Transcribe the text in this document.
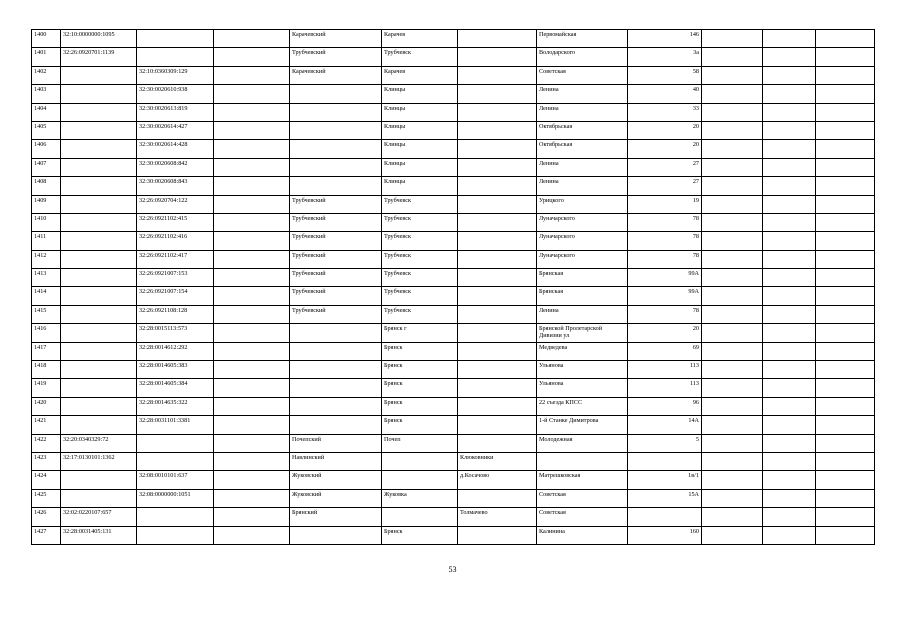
1400	32:10:0000000:1095			Карачевский	Карачев		Первомайская	146			
1401	32:26:0920701:1139			Трубчевский	Трубчевск		Володарского	3а			
1402		32:10:0360309:129		Карачевский	Карачев		Советская	58			
1403		32:30:0020610:938			Клинцы		Ленина	40			
1404		32:30:0020613:819			Клинцы		Ленина	33			
1405		32:30:0020614:427			Клинцы		Октябрьская	20			
1406		32:30:0020614:428			Клинцы		Октябрьская	20			
1407		32:30:0020608:842			Клинцы		Ленина	27			
1408		32:30:0020608:843			Клинцы		Ленина	27			
1409		32:26:0920704:122		Трубчевский	Трубчевск		Урицкого	19			
1410		32:26:0921102:415		Трубчевский	Трубчевск		Луначарского	78			
1411		32:26:0921102:416		Трубчевский	Трубчевск		Луначарского	78			
1412		32:26:0921102:417		Трубчевский	Трубчевск		Луначарского	78			
1413		32:26:0921007:153		Трубчевский	Трубчевск		Брянская	99А			
1414		32:26:0921007:154		Трубчевский	Трубчевск		Брянская	99А			
1415		32:26:0921108:128		Трубчевский	Трубчевск		Ленина	78			
1416		32:28:0015113:573			Брянск г		Брянской Пролетарской Дивизии ул	20			
1417		32:28:0014612:292			Брянск		Медведева	69			
1418		32:28:0014605:383			Брянск		Ульянова	113			
1419		32:28:0014605:384			Брянск		Ульянова	113			
1420		32:28:0014635:322			Брянск		22 съезда КПСС	96			
1421		32:28:0031101:3381			Брянск		1-й Станке Димитрова	14А			
1422	32:20:0340329:72			Почепский	Почеп		Молодежная	5			
1423	32:17:0130101:1362			Навлинский		Клюковники					
1424		32:08:0010101:637		Жуковский		д.Косачово	Матрешковская	1в/1			
1425		32:08:0000000:1051		Жуковский	Жуковка		Советская	15А			
1426	32:02:0220107:657			Брянский		Толмачево	Советская				
1427	32:28:0031405:131				Брянск		Калинина	160			
53
